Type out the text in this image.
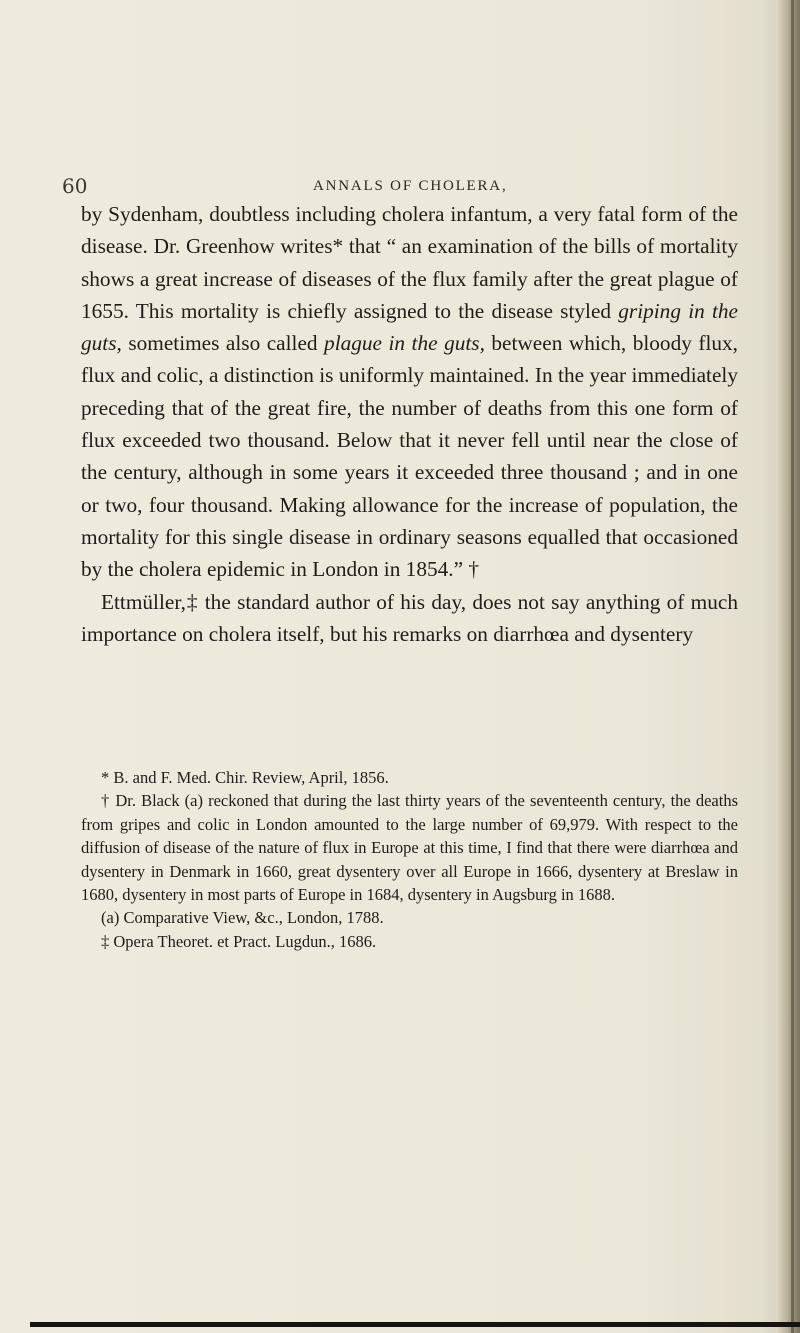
60	ANNALS OF CHOLERA,

by Sydenham, doubtless including cholera infantum, a very fatal form of the disease. Dr. Greenhow writes* that “ an examination of the bills of mortality shows a great increase of diseases of the flux family after the great plague of 1655. This mortality is chiefly assigned to the disease styled griping in the guts, sometimes also called plague in the guts, between which, bloody flux, flux and colic, a distinction is uniformly maintained. In the year immediately preceding that of the great fire, the number of deaths from this one form of flux exceeded two thousand. Below that it never fell until near the close of the century, although in some years it exceeded three thousand ; and in one or two, four thousand. Making allowance for the increase of population, the mortality for this single disease in ordinary seasons equalled that occasioned by the cholera epidemic in London in 1854.” †

Ettmüller,‡ the standard author of his day, does not say anything of much importance on cholera itself, but his remarks on diarrhœa and dysentery

* B. and F. Med. Chir. Review, April, 1856.

† Dr. Black (a) reckoned that during the last thirty years of the seventeenth century, the deaths from gripes and colic in London amounted to the large number of 69,979. With respect to the diffusion of disease of the nature of flux in Europe at this time, I find that there were diarrhœa and dysentery in Denmark in 1660, great dysentery over all Europe in 1666, dysentery at Breslaw in 1680, dysentery in most parts of Europe in 1684, dysentery in Augsburg in 1688.

(a) Comparative View, &c., London, 1788.

‡ Opera Theoret. et Pract. Lugdun., 1686.
